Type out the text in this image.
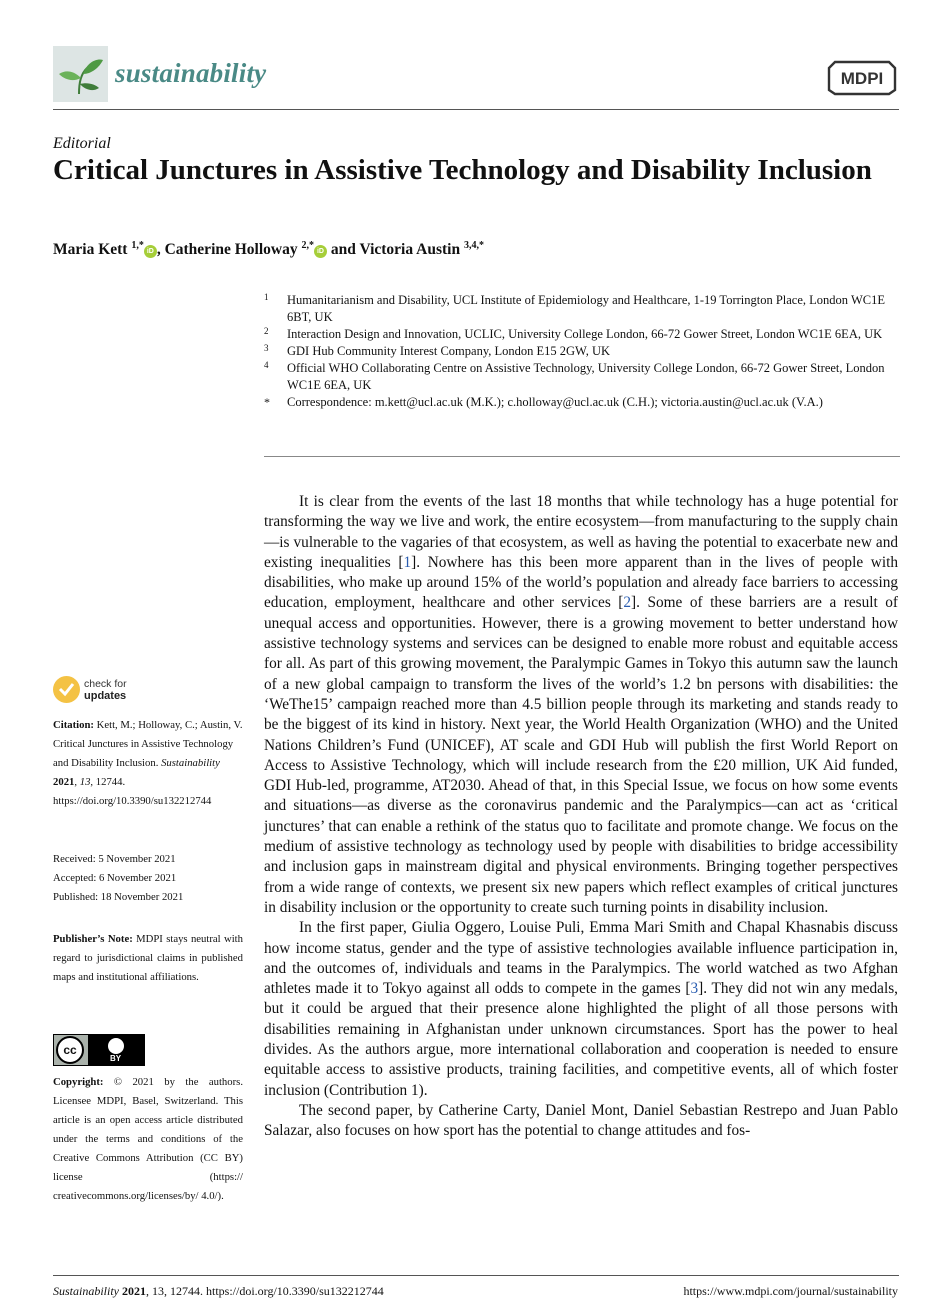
sustainability	MDPI
Editorial
Critical Junctures in Assistive Technology and Disability Inclusion
Maria Kett $^{1,*}$iD , Catherine Holloway $^{2,*}$iD and Victoria Austin $^{3,4,*}$
1 Humanitarianism and Disability, UCL Institute of Epidemiology and Healthcare, 1-19 Torrington Place, London WC1E 6BT, UK
2 Interaction Design and Innovation, UCLIC, University College London, 66-72 Gower Street, London WC1E 6EA, UK
3 GDI Hub Community Interest Company, London E15 2GW, UK
4 Official WHO Collaborating Centre on Assistive Technology, University College London, 66-72 Gower Street, London WC1E 6EA, UK
* Correspondence: m.kett@ucl.ac.uk (M.K.); c.holloway@ucl.ac.uk (C.H.); victoria.austin@ucl.ac.uk (V.A.)
check for
updates
Citation: Kett, M.; Holloway, C.; Austin, V. Critical Junctures in Assistive Technology and Disability Inclusion. Sustainability 2021, 13, 12744. https://doi.org/10.3390/su132212744
Received: 5 November 2021
Accepted: 6 November 2021
Published: 18 November 2021
Publisher’s Note: MDPI stays neutral with regard to jurisdictional claims in published maps and institutional affiliations.
cc
BY
Copyright: © 2021 by the authors. Licensee MDPI, Basel, Switzerland. This article is an open access article distributed under the terms and conditions of the Creative Commons Attribution (CC BY) license (https:// creativecommons.org/licenses/by/ 4.0/).

It is clear from the events of the last 18 months that while technology has a huge potential for transforming the way we live and work, the entire ecosystem—from manufacturing to the supply chain—is vulnerable to the vagaries of that ecosystem, as well as having the potential to exacerbate new and existing inequalities [1]. Nowhere has this been more apparent than in the lives of people with disabilities, who make up around 15% of the world’s population and already face barriers to accessing education, employment, healthcare and other services [2]. Some of these barriers are a result of unequal access and opportunities. However, there is a growing movement to better understand how assistive technology systems and services can be designed to enable more robust and equitable access for all. As part of this growing movement, the Paralympic Games in Tokyo this autumn saw the launch of a new global campaign to transform the lives of the world’s 1.2 bn persons with disabilities: the ‘WeThe15’ campaign reached more than 4.5 billion people through its marketing and stands ready to be the biggest of its kind in history. Next year, the World Health Organization (WHO) and the United Nations Children’s Fund (UNICEF), AT scale and GDI Hub will publish the first World Report on Access to Assistive Technology, which will include research from the £20 million, UK Aid funded, GDI Hub-led, programme, AT2030. Ahead of that, in this Special Issue, we focus on how some events and situations—as diverse as the coronavirus pandemic and the Paralympics—can act as ‘critical junctures’ that can enable a rethink of the status quo to facilitate and promote change. We focus on the medium of assistive technology as technology used by people with disabilities to bridge accessibility and inclusion gaps in mainstream digital and physical environments. Bringing together perspectives from a wide range of contexts, we present six new papers which reflect examples of critical junctures in disability inclusion or the opportunity to create such turning points in disability inclusion.

In the first paper, Giulia Oggero, Louise Puli, Emma Mari Smith and Chapal Khasnabis discuss how income status, gender and the type of assistive technologies available influence participation in, and the outcomes of, individuals and teams in the Paralympics. The world watched as two Afghan athletes made it to Tokyo against all odds to compete in the games [3]. They did not win any medals, but it could be argued that their presence alone highlighted the plight of all those persons with disabilities remaining in Afghanistan under unknown circumstances. Sport has the power to heal divides. As the authors argue, more international collaboration and cooperation is needed to ensure equitable access to assistive products, training facilities, and competitive events, all of which foster inclusion (Contribution 1).

The second paper, by Catherine Carty, Daniel Mont, Daniel Sebastian Restrepo and Juan Pablo Salazar, also focuses on how sport has the potential to change attitudes and fos-

Sustainability 2021, 13, 12744. https://doi.org/10.3390/su132212744	https://www.mdpi.com/journal/sustainability
